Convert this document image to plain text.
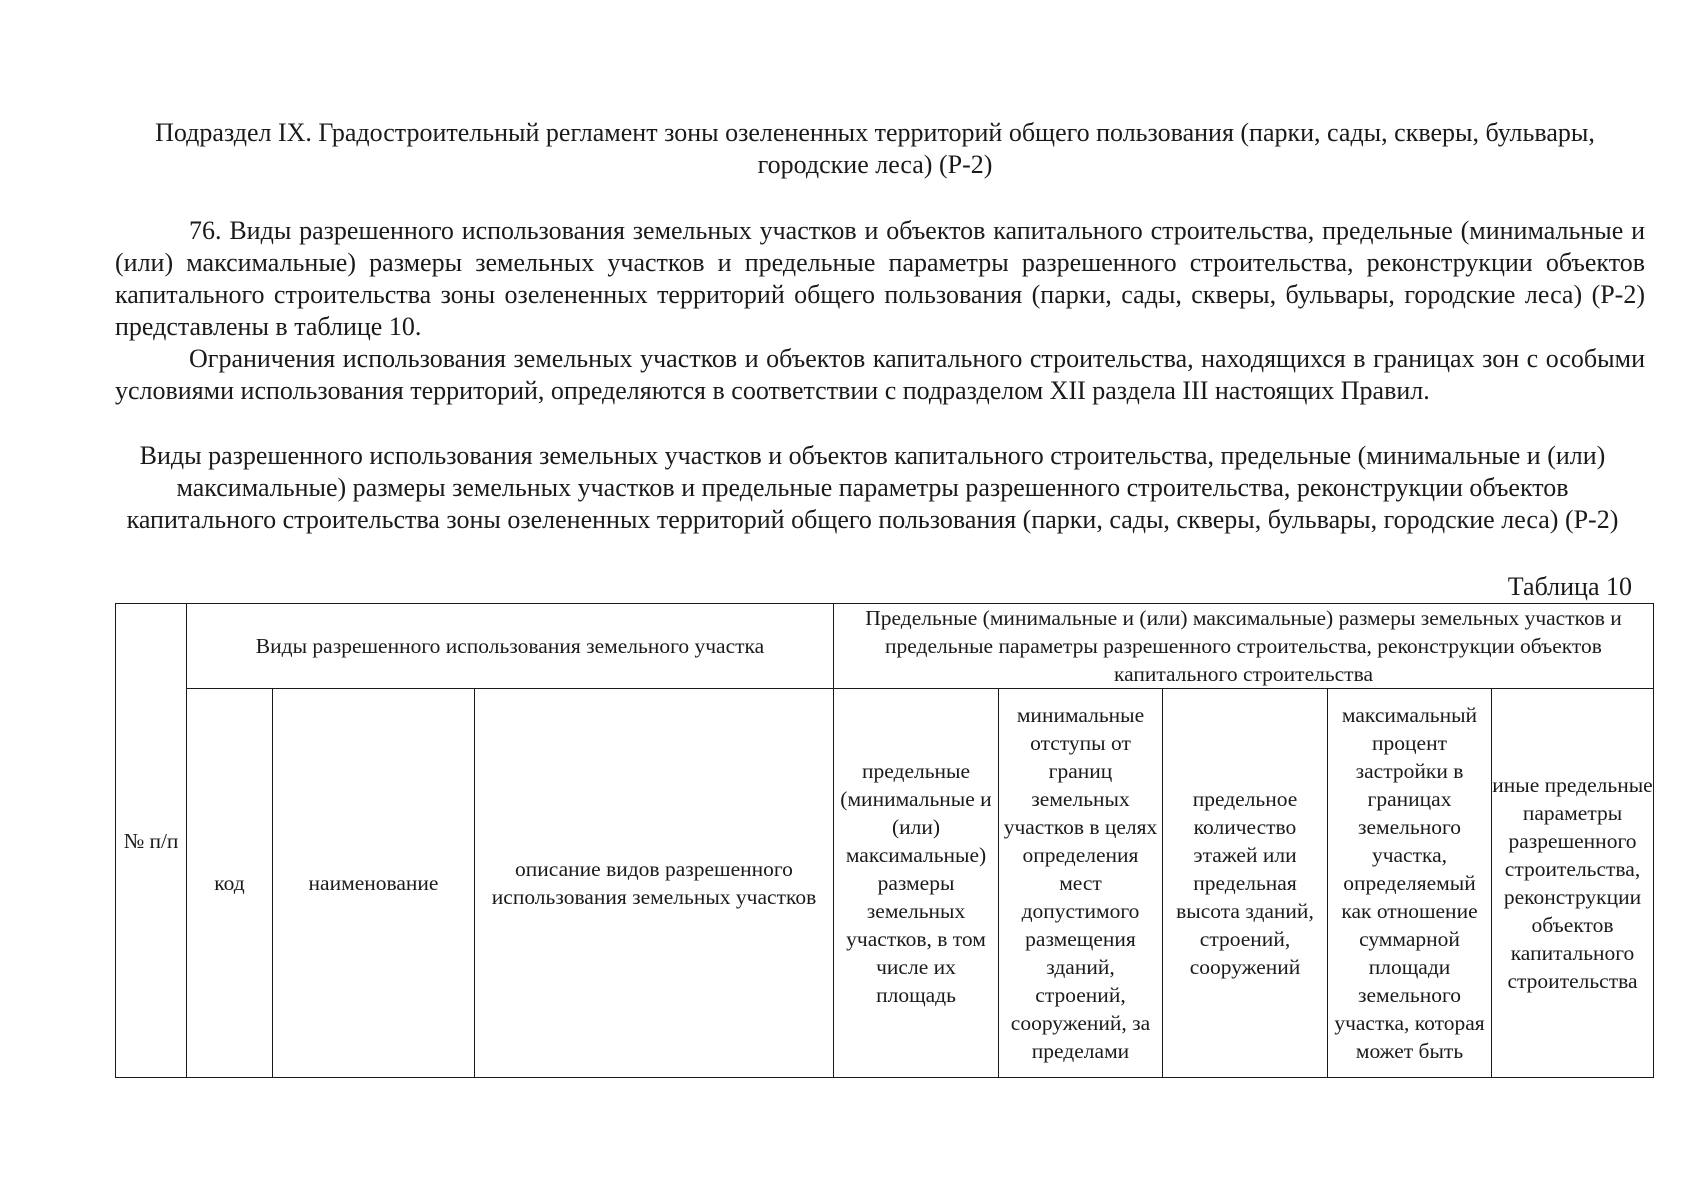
Подраздел IX. Градостроительный регламент зоны озелененных территорий общего пользования (парки, сады, скверы, бульвары, городские леса) (Р-2)
76. Виды разрешенного использования земельных участков и объектов капитального строительства, предельные (минимальные и (или) максимальные) размеры земельных участков и предельные параметры разрешенного строительства, реконструкции объектов капитального строительства зоны озелененных территорий общего пользования (парки, сады, скверы, бульвары, городские леса) (Р-2) представлены в таблице 10.
Ограничения использования земельных участков и объектов капитального строительства, находящихся в границах зон с особыми условиями использования территорий, определяются в соответствии с подразделом XII раздела III настоящих Правил.
Виды разрешенного использования земельных участков и объектов капитального строительства, предельные (минимальные и (или) максимальные) размеры земельных участков и предельные параметры разрешенного строительства, реконструкции объектов капитального строительства зоны озелененных территорий общего пользования (парки, сады, скверы, бульвары, городские леса) (Р-2)
Таблица 10
№ п/п	Виды разрешенного использования земельного участка			Предельные (минимальные и (или) максимальные) размеры земельных участков и предельные параметры разрешенного строительства, реконструкции объектов капитального строительства				
	код	наименование	описание видов разрешенного использования земельных участков	предельные (минимальные и (или) максимальные) размеры земельных участков, в том числе их площадь	минимальные отступы от границ земельных участков в целях определения мест допустимого размещения зданий, строений, сооружений, за пределами	предельное количество этажей или предельная высота зданий, строений, сооружений	максимальный процент застройки в границах земельного участка, определяемый как отношение суммарной площади земельного участка, которая может быть	иные предельные параметры разрешенного строительства, реконструкции объектов капитального строительства
